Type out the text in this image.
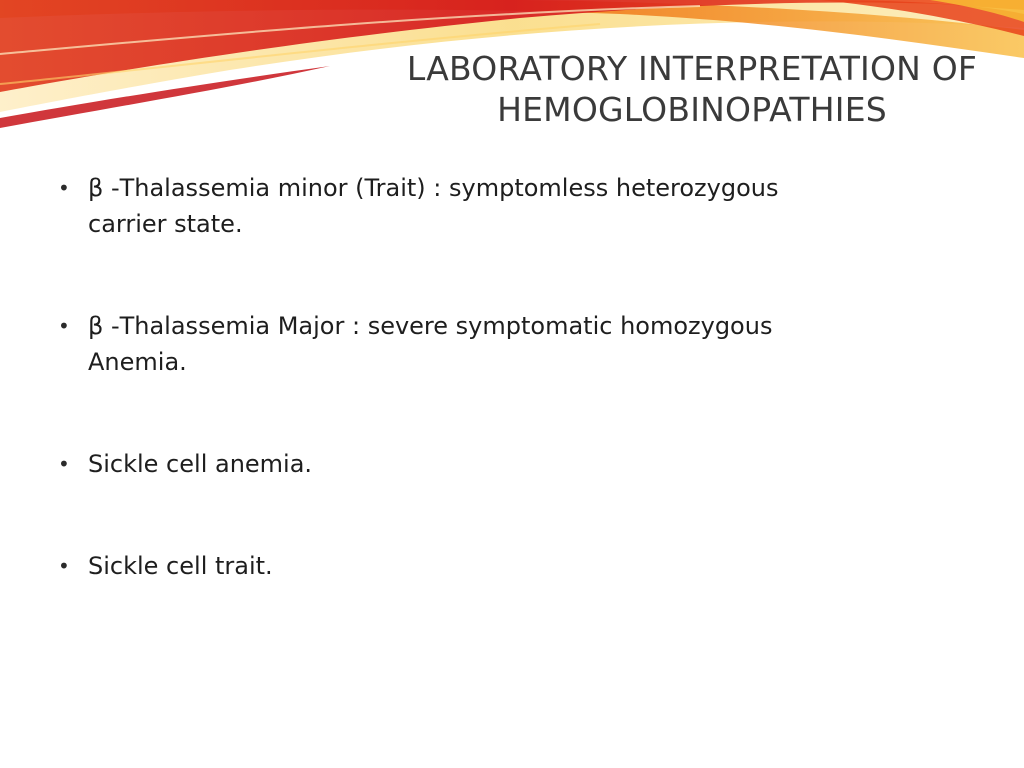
LABORATORY INTERPRETATION OF
HEMOGLOBINOPATHIES
• β -Thalassemia minor (Trait) : symptomless heterozygous
carrier state.
• β -Thalassemia Major : severe symptomatic homozygous
Anemia.
• Sickle cell anemia.
• Sickle cell trait.
